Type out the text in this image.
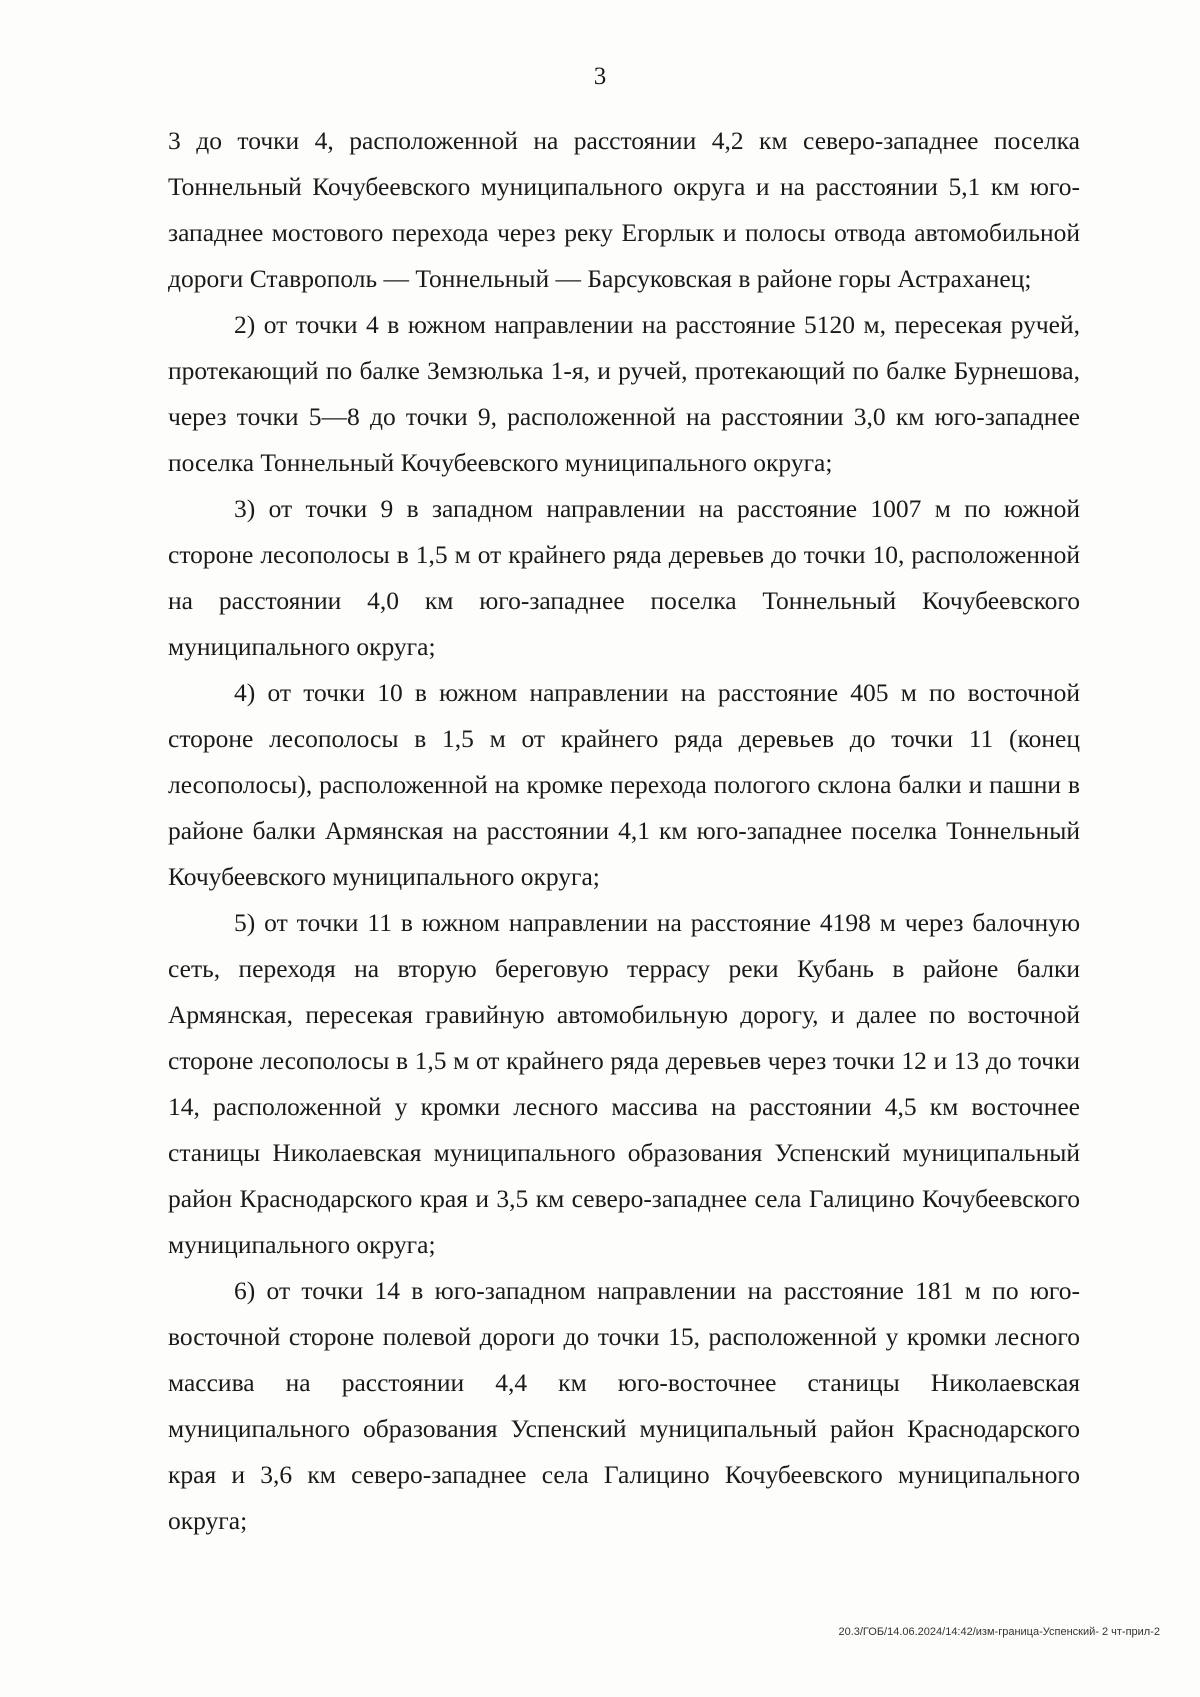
3

3 до точки 4, расположенной на расстоянии 4,2 км северо-западнее поселка Тоннельный Кочубеевского муниципального округа и на расстоянии 5,1 км юго-западнее мостового перехода через реку Егорлык и полосы отвода автомобильной дороги Ставрополь — Тоннельный — Барсуковская в районе горы Астраханец;

2) от точки 4 в южном направлении на расстояние 5120 м, пересекая ручей, протекающий по балке Земзюлька 1-я, и ручей, протекающий по балке Бурнешова, через точки 5—8 до точки 9, расположенной на расстоянии 3,0 км юго-западнее поселка Тоннельный Кочубеевского муниципального округа;

3) от точки 9 в западном направлении на расстояние 1007 м по южной стороне лесополосы в 1,5 м от крайнего ряда деревьев до точки 10, расположенной на расстоянии 4,0 км юго-западнее поселка Тоннельный Кочубеевского муниципального округа;

4) от точки 10 в южном направлении на расстояние 405 м по восточной стороне лесополосы в 1,5 м от крайнего ряда деревьев до точки 11 (конец лесополосы), расположенной на кромке перехода пологого склона балки и пашни в районе балки Армянская на расстоянии 4,1 км юго-западнее поселка Тоннельный Кочубеевского муниципального округа;

5) от точки 11 в южном направлении на расстояние 4198 м через балочную сеть, переходя на вторую береговую террасу реки Кубань в районе балки Армянская, пересекая гравийную автомобильную дорогу, и далее по восточной стороне лесополосы в 1,5 м от крайнего ряда деревьев через точки 12 и 13 до точки 14, расположенной у кромки лесного массива на расстоянии 4,5 км восточнее станицы Николаевская муниципального образования Успенский муниципальный район Краснодарского края и 3,5 км северо-западнее села Галицино Кочубеевского муниципального округа;

6) от точки 14 в юго-западном направлении на расстояние 181 м по юго-восточной стороне полевой дороги до точки 15, расположенной у кромки лесного массива на расстоянии 4,4 км юго-восточнее станицы Николаевская муниципального образования Успенский муниципальный район Краснодарского края и 3,6 км северо-западнее села Галицино Кочубеевского муниципального округа;

20.3/ГОБ/14.06.2024/14:42/изм-граница-Успенский- 2 чт-прил-2
